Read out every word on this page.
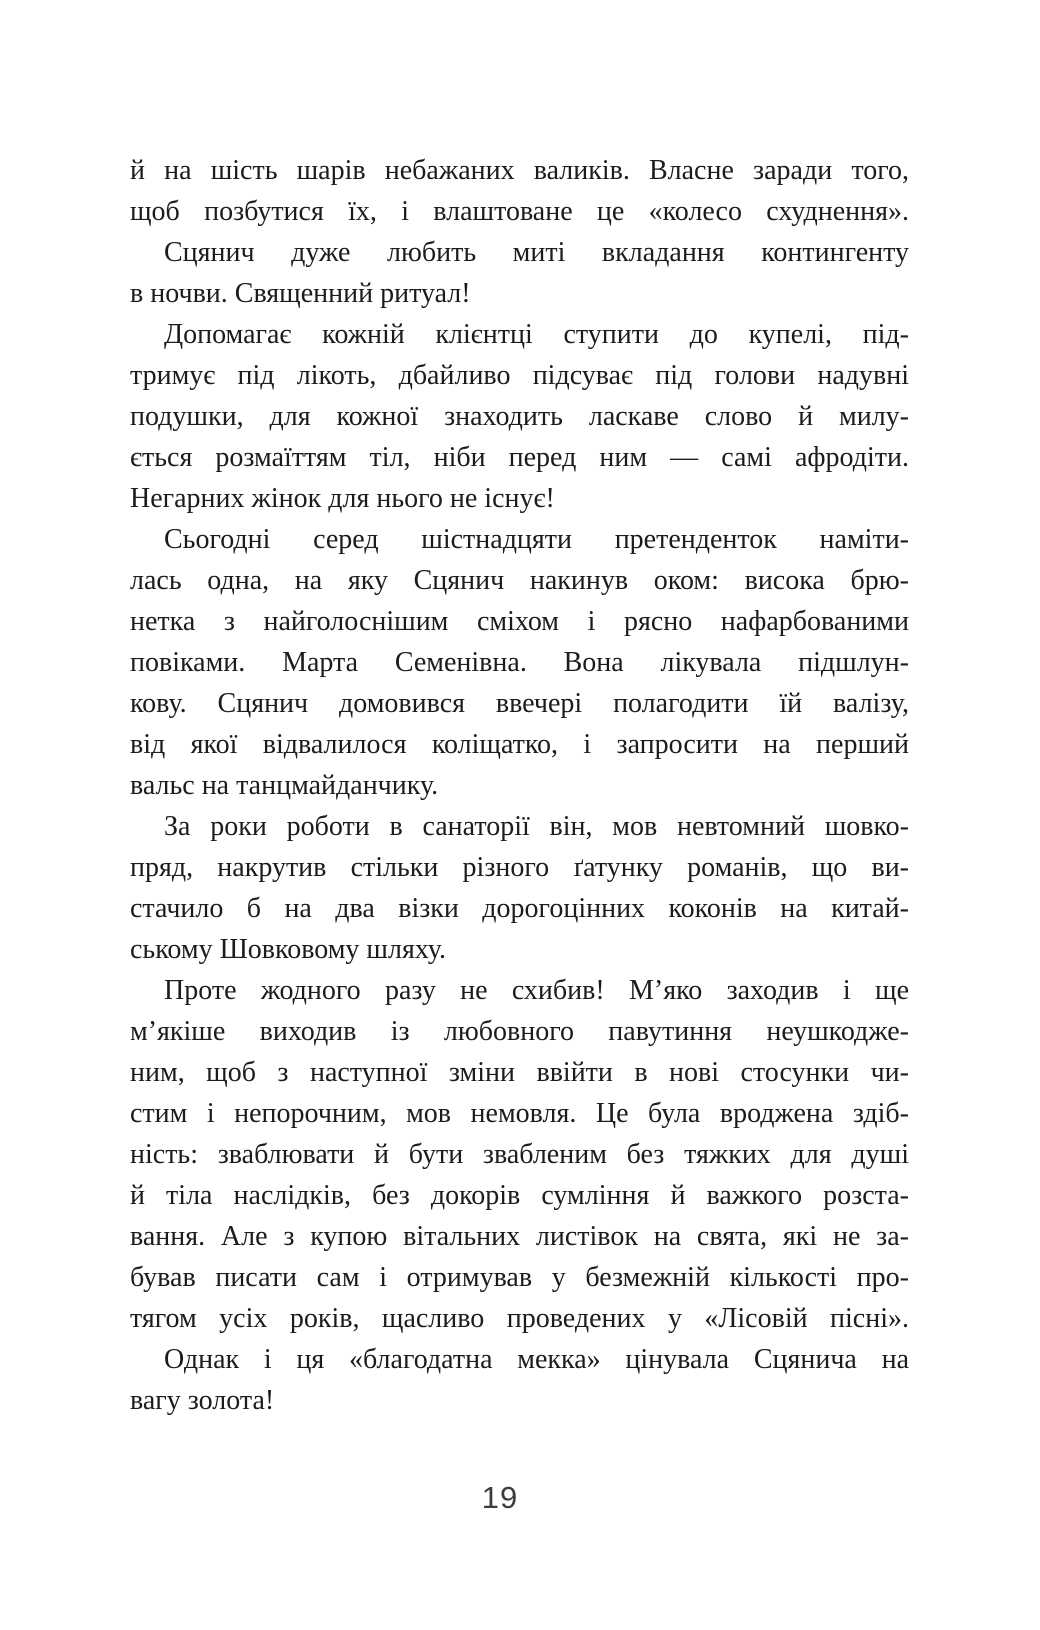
й на шість шарів небажаних валиків. Власне заради того,
щоб позбутися їх, і влаштоване це «колесо схуднення».

Сцянич дуже любить миті вкладання контингенту
в ночви. Священний ритуал!

Допомагає кожній клієнтці ступити до купелі, під-
тримує під лікоть, дбайливо підсуває під голови надувні
подушки, для кожної знаходить ласкаве слово й милу-
ється розмаїттям тіл, ніби перед ним — самі афродіти.
Негарних жінок для нього не існує!

Сьогодні серед шістнадцяти претенденток наміти-
лась одна, на яку Сцянич накинув оком: висока брю-
нетка з найголоснішим сміхом і рясно нафарбованими
повіками. Марта Семенівна. Вона лікувала підшлун-
кову. Сцянич домовився ввечері полагодити їй валізу,
від якої відвалилося коліщатко, і запросити на перший
вальс на танцмайданчику.

За роки роботи в санаторії він, мов невтомний шовко-
пряд, накрутив стільки різного ґатунку романів, що ви-
стачило б на два візки дорогоцінних коконів на китай-
ському Шовковому шляху.

Проте жодного разу не схибив! М’яко заходив і ще
м’якіше виходив із любовного павутиння неушкодже-
ним, щоб з наступної зміни ввійти в нові стосунки чи-
стим і непорочним, мов немовля. Це була вроджена здіб-
ність: зваблювати й бути звабленим без тяжких для душі
й тіла наслідків, без докорів сумління й важкого розста-
вання. Але з купою вітальних листівок на свята, які не за-
бував писати сам і отримував у безмежній кількості про-
тягом усіх років, щасливо проведених у «Лісовій пісні».

Однак і ця «благодатна мекка» цінувала Сцянича на
вагу золота!

19
